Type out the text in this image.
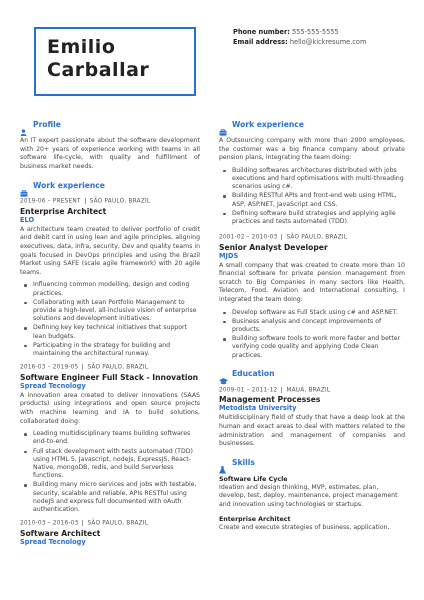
Emilio
Carballar
Phone number: 555-555-5555
Email address: hello@kickresume.com
Profile
An IT expert passionate about the software development with 20+ years of experience working with teams in all software life-cycle, with quality and fulfillment of business market needs.
Work experience
2019-06 – PRESENT SÃO PAULO, BRAZIL
Enterprise Architect
ELO
A architecture team created to deliver portfolio of credit and debit card in using lean and agile principles, aligning executives, data, infra, security, Dev and quality teams in goals focused in DevOps principles and using the Brazil Market using SAFE (scale agile framework) with 20 agile teams.
Influencing common modelling, design and coding practices.
Collaborating with Lean Portfolio Management to provide a high-level, all-inclusive vision of enterprise solutions and development initiatives.
Defining key key technical initiatives that support lean budgets.
Participating in the strategy for building and maintaining the architectural runway.
2016-03 – 2019-05 SÃO PAULO, BRAZIL
Software Engineer Full Stack - Innovation
Spread Tecnology
A innovation area created to deliver innovations (SAAS products) using integrations and open source projects with machine learning and IA to build solutions, collaborated doing:
Leading multidisciplinary teams building softwares end-to-end.
Full stack development with tests automated (TDD) using HTML 5, Javascript, nodeJs, ExpressJS, React-Native, mongoDB, redis, and build Serverless functions.
Building many micro services and jobs with testable, security, scalable and reliable, APIs RESTful using nodeJS and express full documented with oAuth authentication.
2010-03 – 2016-03 SÃO PAULO, BRAZIL
Software Architect
Spread Tecnology
Work experience
A Outsourcing company with more than 2000 employees, the customer was a big finance company about private pension plans, integrating the team doing:
Building softwares architectures distributed with jobs executions and hard optimisations with multi-threading scenarios using c#.
Building RESTful APIs and front-end web using HTML, ASP, ASP.NET, JavaScript and CSS.
Defining software build strategies and applying agile practices and tests automated (TDD).
2001-02 – 2010-03 SÃO PAULO, BRAZIL
Senior Analyst Developer
MJDS
A small company that was created to create more than 10 financial software for private pension management from scratch to Big Companies in many sectors like Health, Telecom, Food, Aviation and International consulting, I integrated the team doing:
Develop software as Full Stack using c# and ASP.NET.
Business analysis and concept improvements of products.
Building software tools to work more faster and better verifying code quality and applying Code Clean practices.
Education
2009-01 – 2011-12 MAUÁ, BRAZIL
Management Processes
Metodista University
Multidisciplinary field of study that have a deep look at the human and exact areas to deal with matters related to the administration and management of companies and businesses.
Skills
Software Life Cycle
Ideation and design thinking, MVP, estimates, plan, develop, test, deploy, maintenance, project management and innovation using technologies or startups.
Enterprise Architect
Create and execute strategies of business, application,
